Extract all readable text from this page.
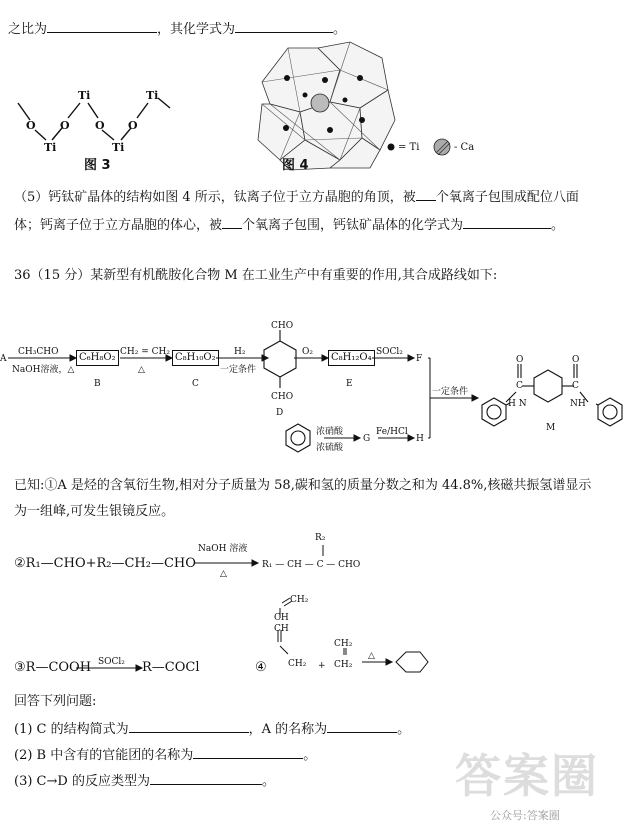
答案圈
公众号:答案圈
之比为	，其化学式为	。
Ti	Ti
O O O O
Ti	Ti
图 3	图 4
= Ti	- Ca
（5）钙钛矿晶体的结构如图 4 所示，钛离子位于立方晶胞的角顶，被 个氧离子包围成配位八面
体；钙离子位于立方晶胞的体心，被 个氧离子包围，钙钛矿晶体的化学式为	。
36（15 分）某新型有机酰胺化合物 M 在工业生产中有重要的作用,其合成路线如下:
A
CH₃CHO
NaOH溶液，△
C₆H₈O₂
B
CH₂ = CH₂
△
C₈H₁₀O₂
C
H₂
一定条件
CHO
CHO
D
O₂	C₈H₁₂O₄
E
SOCl₂
F
一定条件
浓硝酸
浓硫酸
G
Fe/HCl
H
O	O
C	C
H N	NH
M
已知:①A 是烃的含氧衍生物,相对分子质量为 58,碳和氢的质量分数之和为 44.8%,核磁共振氢谱显示
为一组峰,可发生银镜反应。
②R₁—CHO+R₂—CH₂—CHO
NaOH 溶液
△
R₂
R₁ — CH — C — CHO
③R—COOH SOCl₂ R—COCl	④
CH₂
CH
CH
CH₂ +
CH₂
CH₂
△
回答下列问题:
(1) C 的结构简式为	，A 的名称为	。
(2) B 中含有的官能团的名称为	。
(3) C→D 的反应类型为	。
